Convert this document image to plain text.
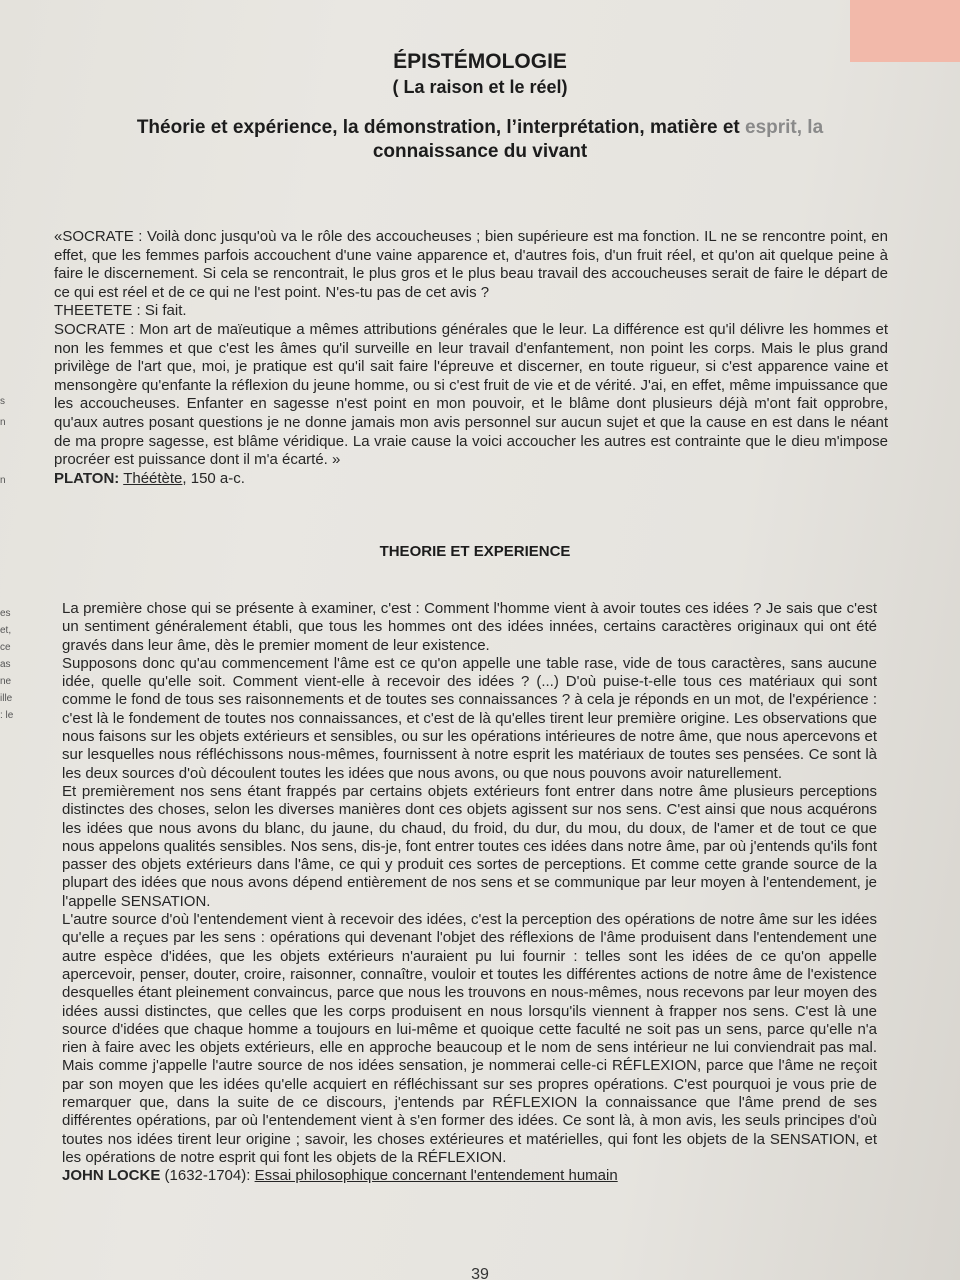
s
n
n
es
et,
ce
as
ne
ille
: le
ÉPISTÉMOLOGIE
( La raison et le réel)
Théorie et expérience, la démonstration, l’interprétation, matière et esprit, la
connaissance du vivant

«SOCRATE : Voilà donc jusqu'où va le rôle des accoucheuses ; bien supérieure est ma fonction. IL ne se rencontre point, en effet, que les femmes parfois accouchent d'une vaine apparence et, d'autres fois, d'un fruit réel, et qu'on ait quelque peine à faire le discernement. Si cela se rencontrait, le plus gros et le plus beau travail des accoucheuses serait de faire le départ de ce qui est réel et de ce qui ne l'est point. N'es-tu pas de cet avis ?

THEETETE : Si fait.

SOCRATE : Mon art de maïeutique a mêmes attributions générales que le leur. La différence est qu'il délivre les hommes et non les femmes et que c'est les âmes qu'il surveille en leur travail d'enfantement, non point les corps. Mais le plus grand privilège de l'art que, moi, je pratique est qu'il sait faire l'épreuve et discerner, en toute rigueur, si c'est apparence vaine et mensongère qu'enfante la réflexion du jeune homme, ou si c'est fruit de vie et de vérité. J'ai, en effet, même impuissance que les accoucheuses. Enfanter en sagesse n'est point en mon pouvoir, et le blâme dont plusieurs déjà m'ont fait opprobre, qu'aux autres posant questions je ne donne jamais mon avis personnel sur aucun sujet et que la cause en est dans le néant de ma propre sagesse, est blâme véridique. La vraie cause la voici accoucher les autres est contrainte que le dieu m'impose procréer est puissance dont il m'a écarté. »

PLATON: Théétète, 150 a-c.

THEORIE ET EXPERIENCE

La première chose qui se présente à examiner, c'est : Comment l'homme vient à avoir toutes ces idées ? Je sais que c'est un sentiment généralement établi, que tous les hommes ont des idées innées, certains caractères originaux qui ont été gravés dans leur âme, dès le premier moment de leur existence.

Supposons donc qu'au commencement l'âme est ce qu'on appelle une table rase, vide de tous caractères, sans aucune idée, quelle qu'elle soit. Comment vient-elle à recevoir des idées ? (...) D'où puise-t-elle tous ces matériaux qui sont comme le fond de tous ses raisonnements et de toutes ses connaissances ? à cela je réponds en un mot, de l'expérience : c'est là le fondement de toutes nos connaissances, et c'est de là qu'elles tirent leur première origine. Les observations que nous faisons sur les objets extérieurs et sensibles, ou sur les opérations intérieures de notre âme, que nous apercevons et sur lesquelles nous réfléchissons nous-mêmes, fournissent à notre esprit les matériaux de toutes ses pensées. Ce sont là les deux sources d'où découlent toutes les idées que nous avons, ou que nous pouvons avoir naturellement.

Et premièrement nos sens étant frappés par certains objets extérieurs font entrer dans notre âme plusieurs perceptions distinctes des choses, selon les diverses manières dont ces objets agissent sur nos sens. C'est ainsi que nous acquérons les idées que nous avons du blanc, du jaune, du chaud, du froid, du dur, du mou, du doux, de l'amer et de tout ce que nous appelons qualités sensibles. Nos sens, dis-je, font entrer toutes ces idées dans notre âme, par où j'entends qu'ils font passer des objets extérieurs dans l'âme, ce qui y produit ces sortes de perceptions. Et comme cette grande source de la plupart des idées que nous avons dépend entièrement de nos sens et se communique par leur moyen à l'entendement, je l'appelle SENSATION.

L'autre source d'où l'entendement vient à recevoir des idées, c'est la perception des opérations de notre âme sur les idées qu'elle a reçues par les sens : opérations qui devenant l'objet des réflexions de l'âme produisent dans l'entendement une autre espèce d'idées, que les objets extérieurs n'auraient pu lui fournir : telles sont les idées de ce qu'on appelle apercevoir, penser, douter, croire, raisonner, connaître, vouloir et toutes les différentes actions de notre âme de l'existence desquelles étant pleinement convaincus, parce que nous les trouvons en nous-mêmes, nous recevons par leur moyen des idées aussi distinctes, que celles que les corps produisent en nous lorsqu'ils viennent à frapper nos sens. C'est là une source d'idées que chaque homme a toujours en lui-même et quoique cette faculté ne soit pas un sens, parce qu'elle n'a rien à faire avec les objets extérieurs, elle en approche beaucoup et le nom de sens intérieur ne lui conviendrait pas mal. Mais comme j'appelle l'autre source de nos idées sensation, je nommerai celle-ci RÉFLEXION, parce que l'âme ne reçoit par son moyen que les idées qu'elle acquiert en réfléchissant sur ses propres opérations. C'est pourquoi je vous prie de remarquer que, dans la suite de ce discours, j'entends par RÉFLEXION la connaissance que l'âme prend de ses différentes opérations, par où l'entendement vient à s'en former des idées. Ce sont là, à mon avis, les seuls principes d'où toutes nos idées tirent leur origine ; savoir, les choses extérieures et matérielles, qui font les objets de la SENSATION, et les opérations de notre esprit qui font les objets de la RÉFLEXION.

JOHN LOCKE (1632-1704): Essai philosophique concernant l'entendement humain

39
